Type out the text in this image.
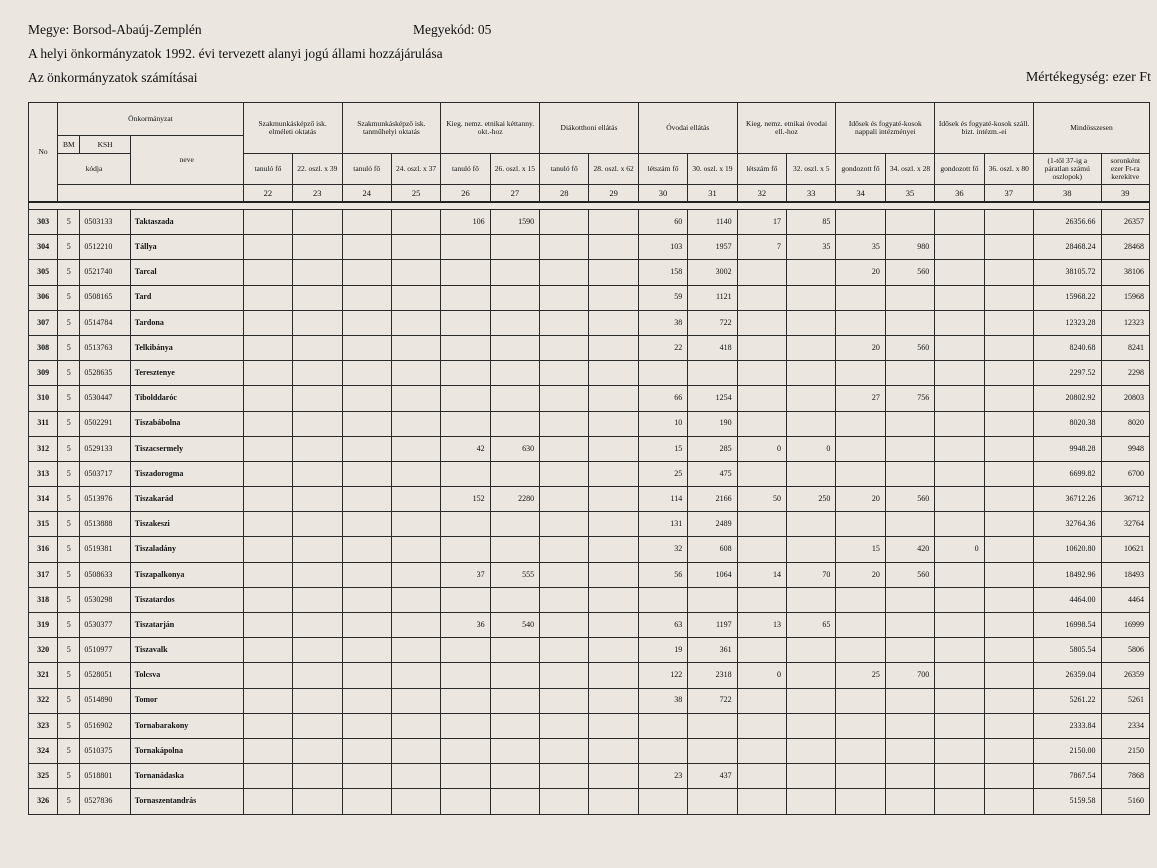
Megye: Borsod-Abaúj-Zemplén	Megyekód: 05
A helyi önkormányzatok 1992. évi tervezett alanyi jogú állami hozzájárulása
Az önkormányzatok számításai	Mértékegység: ezer Ft
No	Önkormányzat			Szakmunkásképző isk. elméleti oktatás		Szakmunkásképző isk. tanműhelyi oktatás		Kieg. nemz. etnikai kéttanny. okt.-hoz		Diákotthoni ellátás		Óvodai ellátás		Kieg. nemz. etnikai óvodai ell.-hoz		Idősek és fogyaté-kosok nappali intézményei		Idősek és fogyaté-kosok száll. bizt. intézm.-ei		Mindösszesen	
	BM	KSH	neve																		
	kódja			tanuló fő	22. oszl. x 39	tanuló fő	24. oszl. x 37	tanuló fő	26. oszl. x 15	tanuló fő	28. oszl. x 62	létszám fő	30. oszl. x 19	létszám fő	32. oszl. x 5	gondozott fő	34. oszl. x 28	gondozott fő	36. oszl. x 80	(1-től 37-ig a páratlan számú oszlopok)	soronként ezer Ft-ra kerekítve
				22	23	24	25	26	27	28	29	30	31	32	33	34	35	36	37	38	39

303	5	0503133	Taktaszada					106	1590			60	1140	17	85					26356.66	26357
304	5	0512210	Tállya									103	1957	7	35	35	980			28468.24	28468
305	5	0521740	Tarcal									158	3002			20	560			38105.72	38106
306	5	0508165	Tard									59	1121							15968.22	15968
307	5	0514784	Tardona									38	722							12323.28	12323
308	5	0513763	Telkibánya									22	418			20	560			8240.68	8241
309	5	0528635	Teresztenye																	2297.52	2298
310	5	0530447	Tibolddaróc									66	1254			27	756			20802.92	20803
311	5	0502291	Tiszabábolna									10	190							8020.38	8020
312	5	0529133	Tiszacsermely					42	630			15	285	0	0					9948.28	9948
313	5	0503717	Tiszadorogma									25	475							6699.82	6700
314	5	0513976	Tiszakarád					152	2280			114	2166	50	250	20	560			36712.26	36712
315	5	0513888	Tiszakeszi									131	2489							32764.36	32764
316	5	0519381	Tiszaladány									32	608			15	420	0		10620.80	10621
317	5	0508633	Tiszapalkonya					37	555			56	1064	14	70	20	560			18492.96	18493
318	5	0530298	Tiszatardos																	4464.00	4464
319	5	0530377	Tiszatarján					36	540			63	1197	13	65					16998.54	16999
320	5	0510977	Tiszavalk									19	361							5805.54	5806
321	5	0528051	Tolcsva									122	2318	0		25	700			26359.04	26359
322	5	0514890	Tomor									38	722							5261.22	5261
323	5	0516902	Tornabarakony																	2333.84	2334
324	5	0510375	Tornakápolna																	2150.00	2150
325	5	0518801	Tornanádaska									23	437							7867.54	7868
326	5	0527836	Tornaszentandrás																	5159.58	5160
